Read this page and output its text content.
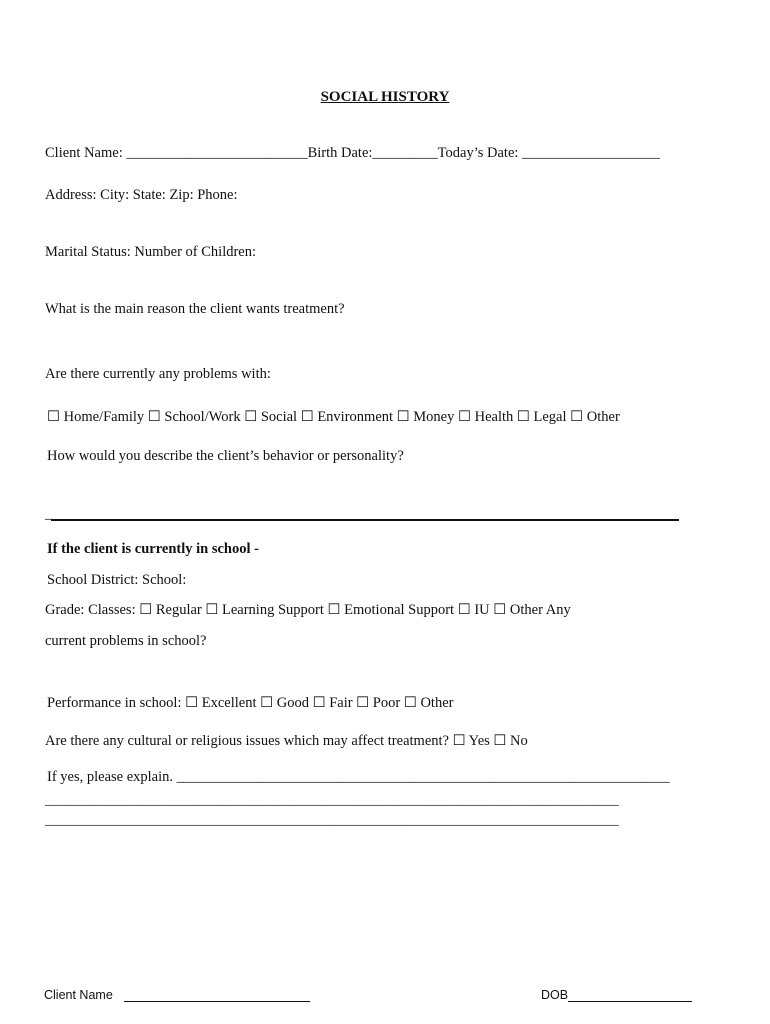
SOCIAL HISTORY
Client Name: _________________________Birth Date:_________Today’s Date: ___________________
Address: City: State: Zip: Phone:
Marital Status: Number of Children:
What is the main reason the client wants treatment?
Are there currently any problems with:
☐ Home/Family ☐ School/Work ☐ Social ☐ Environment ☐ Money ☐ Health ☐ Legal ☐ Other
How would you describe the client’s behavior or personality?
_
If the client is currently in school -
School District: School:
Grade: Classes: ☐ Regular ☐ Learning Support ☐ Emotional Support ☐ IU ☐ Other Any
current problems in school?
Performance in school: ☐ Excellent ☐ Good ☐ Fair ☐ Poor ☐ Other
Are there any cultural or religious issues which may affect treatment? ☐ Yes ☐ No
If yes, please explain. ____________________________________________________________________
_______________________________________________________________________________________
_______________________________________________________________________________________
Client Name	DOB
